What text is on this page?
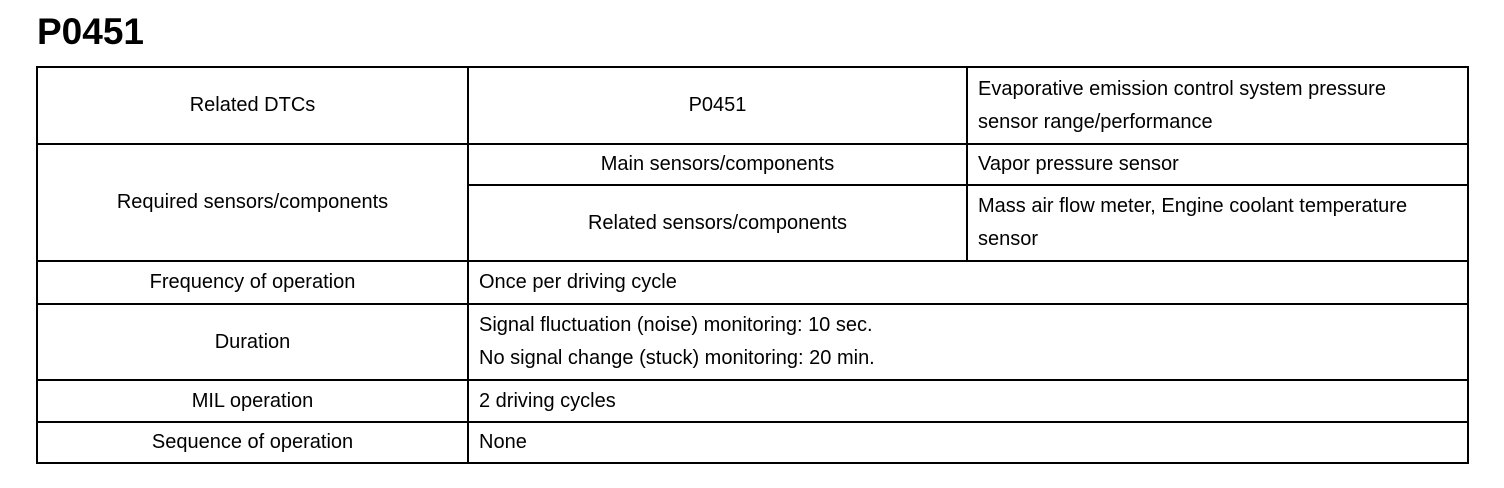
P0451
Related DTCs	P0451	Evaporative emission control system pressure
sensor range/performance

Required sensors/components	Main sensors/components	Vapor pressure sensor
	Related sensors/components	Mass air flow meter, Engine coolant temperature
sensor

Frequency of operation	Once per driving cycle	
Duration	Signal fluctuation (noise) monitoring: 10 sec.
No signal change (stuck) monitoring: 20 min.	

MIL operation	2 driving cycles	
Sequence of operation	None	
